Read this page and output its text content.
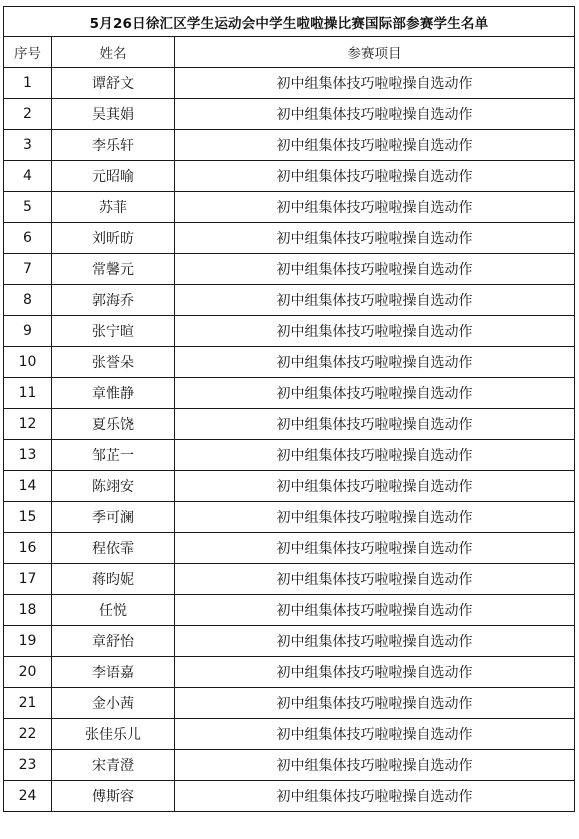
5月26日徐汇区学生运动会中学生啦啦操比赛国际部参赛学生名单		
序号	姓名	参赛项目
1	谭舒文	初中组集体技巧啦啦操自选动作
2	吴萁娟	初中组集体技巧啦啦操自选动作
3	李乐轩	初中组集体技巧啦啦操自选动作
4	元昭喻	初中组集体技巧啦啦操自选动作
5	苏菲	初中组集体技巧啦啦操自选动作
6	刘昕昉	初中组集体技巧啦啦操自选动作
7	常馨元	初中组集体技巧啦啦操自选动作
8	郭海乔	初中组集体技巧啦啦操自选动作
9	张宁暄	初中组集体技巧啦啦操自选动作
10	张誉朵	初中组集体技巧啦啦操自选动作
11	章惟静	初中组集体技巧啦啦操自选动作
12	夏乐饶	初中组集体技巧啦啦操自选动作
13	邹芷一	初中组集体技巧啦啦操自选动作
14	陈翊安	初中组集体技巧啦啦操自选动作
15	季可澜	初中组集体技巧啦啦操自选动作
16	程依霏	初中组集体技巧啦啦操自选动作
17	蒋昀妮	初中组集体技巧啦啦操自选动作
18	任悦	初中组集体技巧啦啦操自选动作
19	章舒怡	初中组集体技巧啦啦操自选动作
20	李语嘉	初中组集体技巧啦啦操自选动作
21	金小茜	初中组集体技巧啦啦操自选动作
22	张佳乐儿	初中组集体技巧啦啦操自选动作
23	宋青澄	初中组集体技巧啦啦操自选动作
24	傅斯容	初中组集体技巧啦啦操自选动作
